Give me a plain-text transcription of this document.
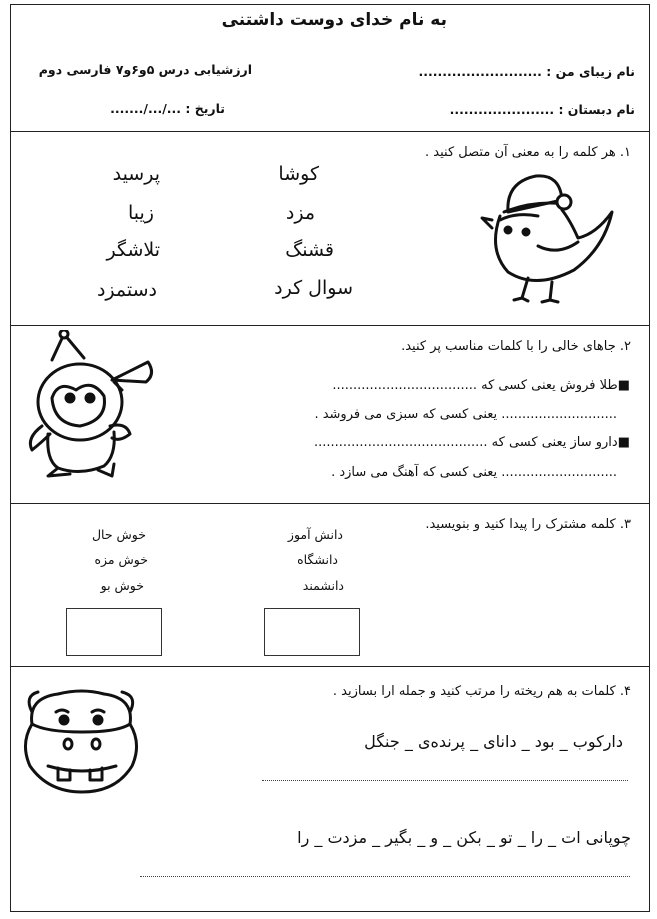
به نام خدای دوست داشتنی
ارزشیابی درس ۵و۶و۷ فارسی دوم	نام زیبای من : ..........................
تاریخ : .../.../.......	نام دبستان : ......................
۱. هر کلمه را به معنی آن متصل کنید .
کوشا
مزد
قشنگ
سوال کرد
پرسید
زیبا
تلاشگر
دستمزد
۲. جاهای خالی را با کلمات مناسب پر کنید.
■طلا فروش یعنی کسی که ...................................
............................ یعنی کسی که سبزی می فروشد .
■دارو ساز یعنی کسی که ..........................................
............................ یعنی کسی که آهنگ می سازد .
۳. کلمه مشترک را پیدا کنید و بنویسید.
دانش آموز
دانشگاه
دانشمند
خوش حال
خوش مزه
خوش بو
۴. کلمات به هم ریخته را مرتب کنید و جمله ارا بسازید .
دارکوب _ بود _ دانای _ پرنده‌ی _ جنگل
چوپانی ات _ را _ تو _ بکن _ و _ بگیر _ مزدت _ را
